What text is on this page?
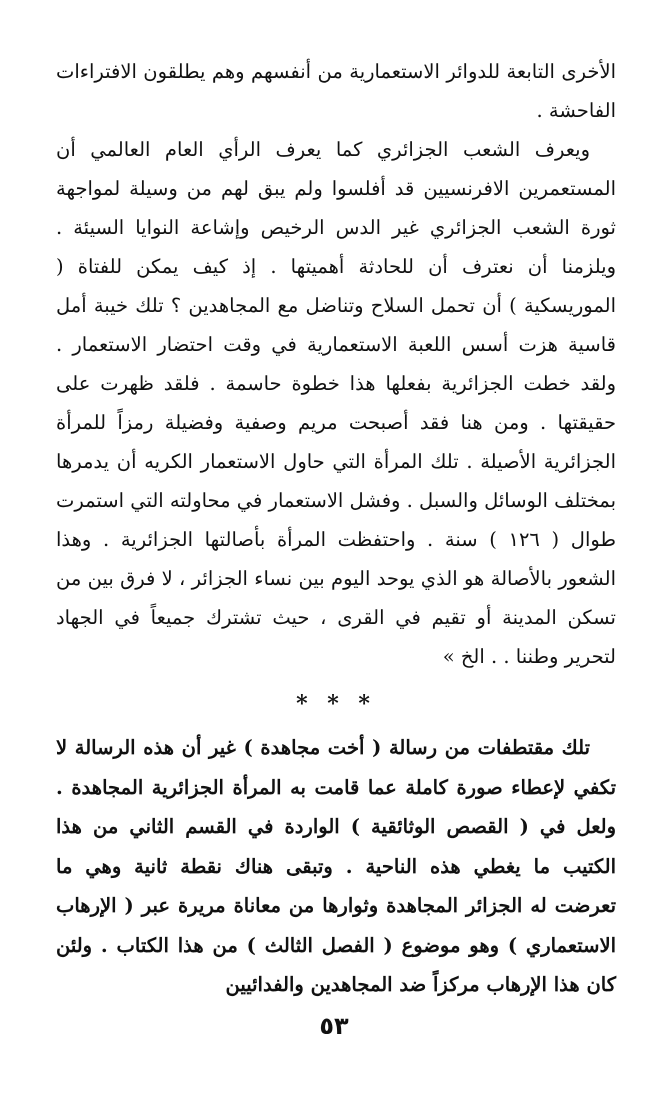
الأخرى التابعة للدوائر الاستعمارية من أنفسهم وهم يطلقون الافتراءات الفاحشة .

ويعرف الشعب الجزائري كما يعرف الرأي العام العالمي أن المستعمرين الافرنسيين قد أفلسوا ولم يبق لهم من وسيلة لمواجهة ثورة الشعب الجزائري غير الدس الرخيص وإشاعة النوايا السيئة . ويلزمنا أن نعترف أن للحادثة أهميتها . إذ كيف يمكن للفتاة ( الموريسكية ) أن تحمل السلاح وتناضل مع المجاهدين ؟ تلك خيبة أمل قاسية هزت أسس اللعبة الاستعمارية في وقت احتضار الاستعمار . ولقد خطت الجزائرية بفعلها هذا خطوة حاسمة . فلقد ظهرت على حقيقتها . ومن هنا فقد أصبحت مريم وصفية وفضيلة رمزاً للمرأة الجزائرية الأصيلة . تلك المرأة التي حاول الاستعمار الكريه أن يدمرها بمختلف الوسائل والسبل . وفشل الاستعمار في محاولته التي استمرت طوال ( ١٢٦ ) سنة . واحتفظت المرأة بأصالتها الجزائرية . وهذا الشعور بالأصالة هو الذي يوحد اليوم بين نساء الجزائر ، لا فرق بين من تسكن المدينة أو تقيم في القرى ، حيث تشترك جميعاً في الجهاد لتحرير وطننا . . الخ »

* * *

تلك مقتطفات من رسالة ( أخت مجاهدة ) غير أن هذه الرسالة لا تكفي لإعطاء صورة كاملة عما قامت به المرأة الجزائرية المجاهدة . ولعل في ( القصص الوثائقية ) الواردة في القسم الثاني من هذا الكتيب ما يغطي هذه الناحية . وتبقى هناك نقطة ثانية وهي ما تعرضت له الجزائر المجاهدة وثوارها من معاناة مريرة عبر ( الإرهاب الاستعماري ) وهو موضوع ( الفصل الثالث ) من هذا الكتاب . ولئن كان هذا الإرهاب مركزاً ضد المجاهدين والفدائيين

٥٣
